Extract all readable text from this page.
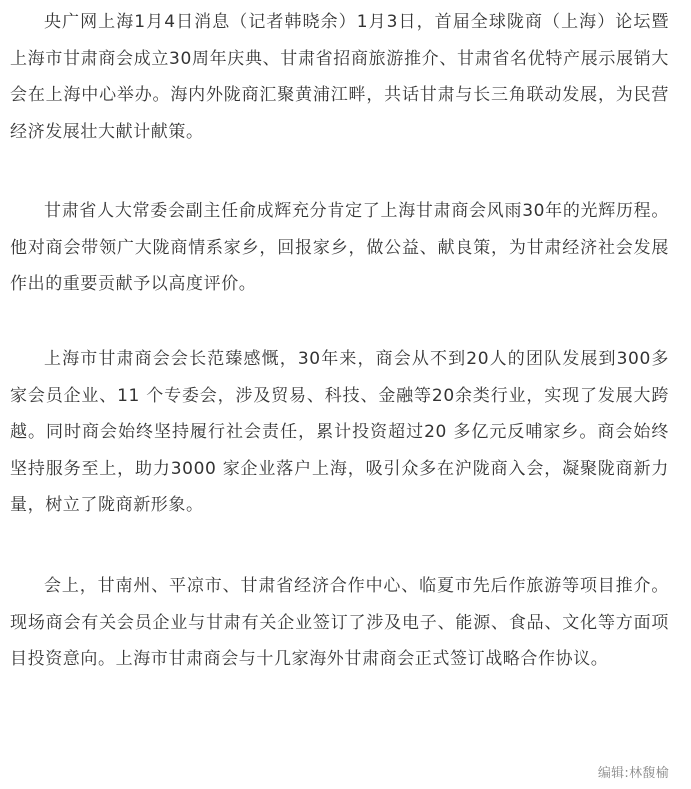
央广网上海1月4日消息（记者韩晓余）1月3日，首届全球陇商（上海）论坛暨上海市甘肃商会成立30周年庆典、甘肃省招商旅游推介、甘肃省名优特产展示展销大会在上海中心举办。海内外陇商汇聚黄浦江畔，共话甘肃与长三角联动发展，为民营经济发展壮大献计献策。

甘肃省人大常委会副主任俞成辉充分肯定了上海甘肃商会风雨30年的光辉历程。他对商会带领广大陇商情系家乡，回报家乡，做公益、献良策，为甘肃经济社会发展作出的重要贡献予以高度评价。

上海市甘肃商会会长范臻感慨，30年来，商会从不到20人的团队发展到300多家会员企业、11 个专委会，涉及贸易、科技、金融等20余类行业，实现了发展大跨越。同时商会始终坚持履行社会责任，累计投资超过20 多亿元反哺家乡。商会始终坚持服务至上，助力3000 家企业落户上海，吸引众多在沪陇商入会，凝聚陇商新力量，树立了陇商新形象。

会上，甘南州、平凉市、甘肃省经济合作中心、临夏市先后作旅游等项目推介。现场商会有关会员企业与甘肃有关企业签订了涉及电子、能源、食品、文化等方面项目投资意向。上海市甘肃商会与十几家海外甘肃商会正式签订战略合作协议。

编辑:林馥榆
